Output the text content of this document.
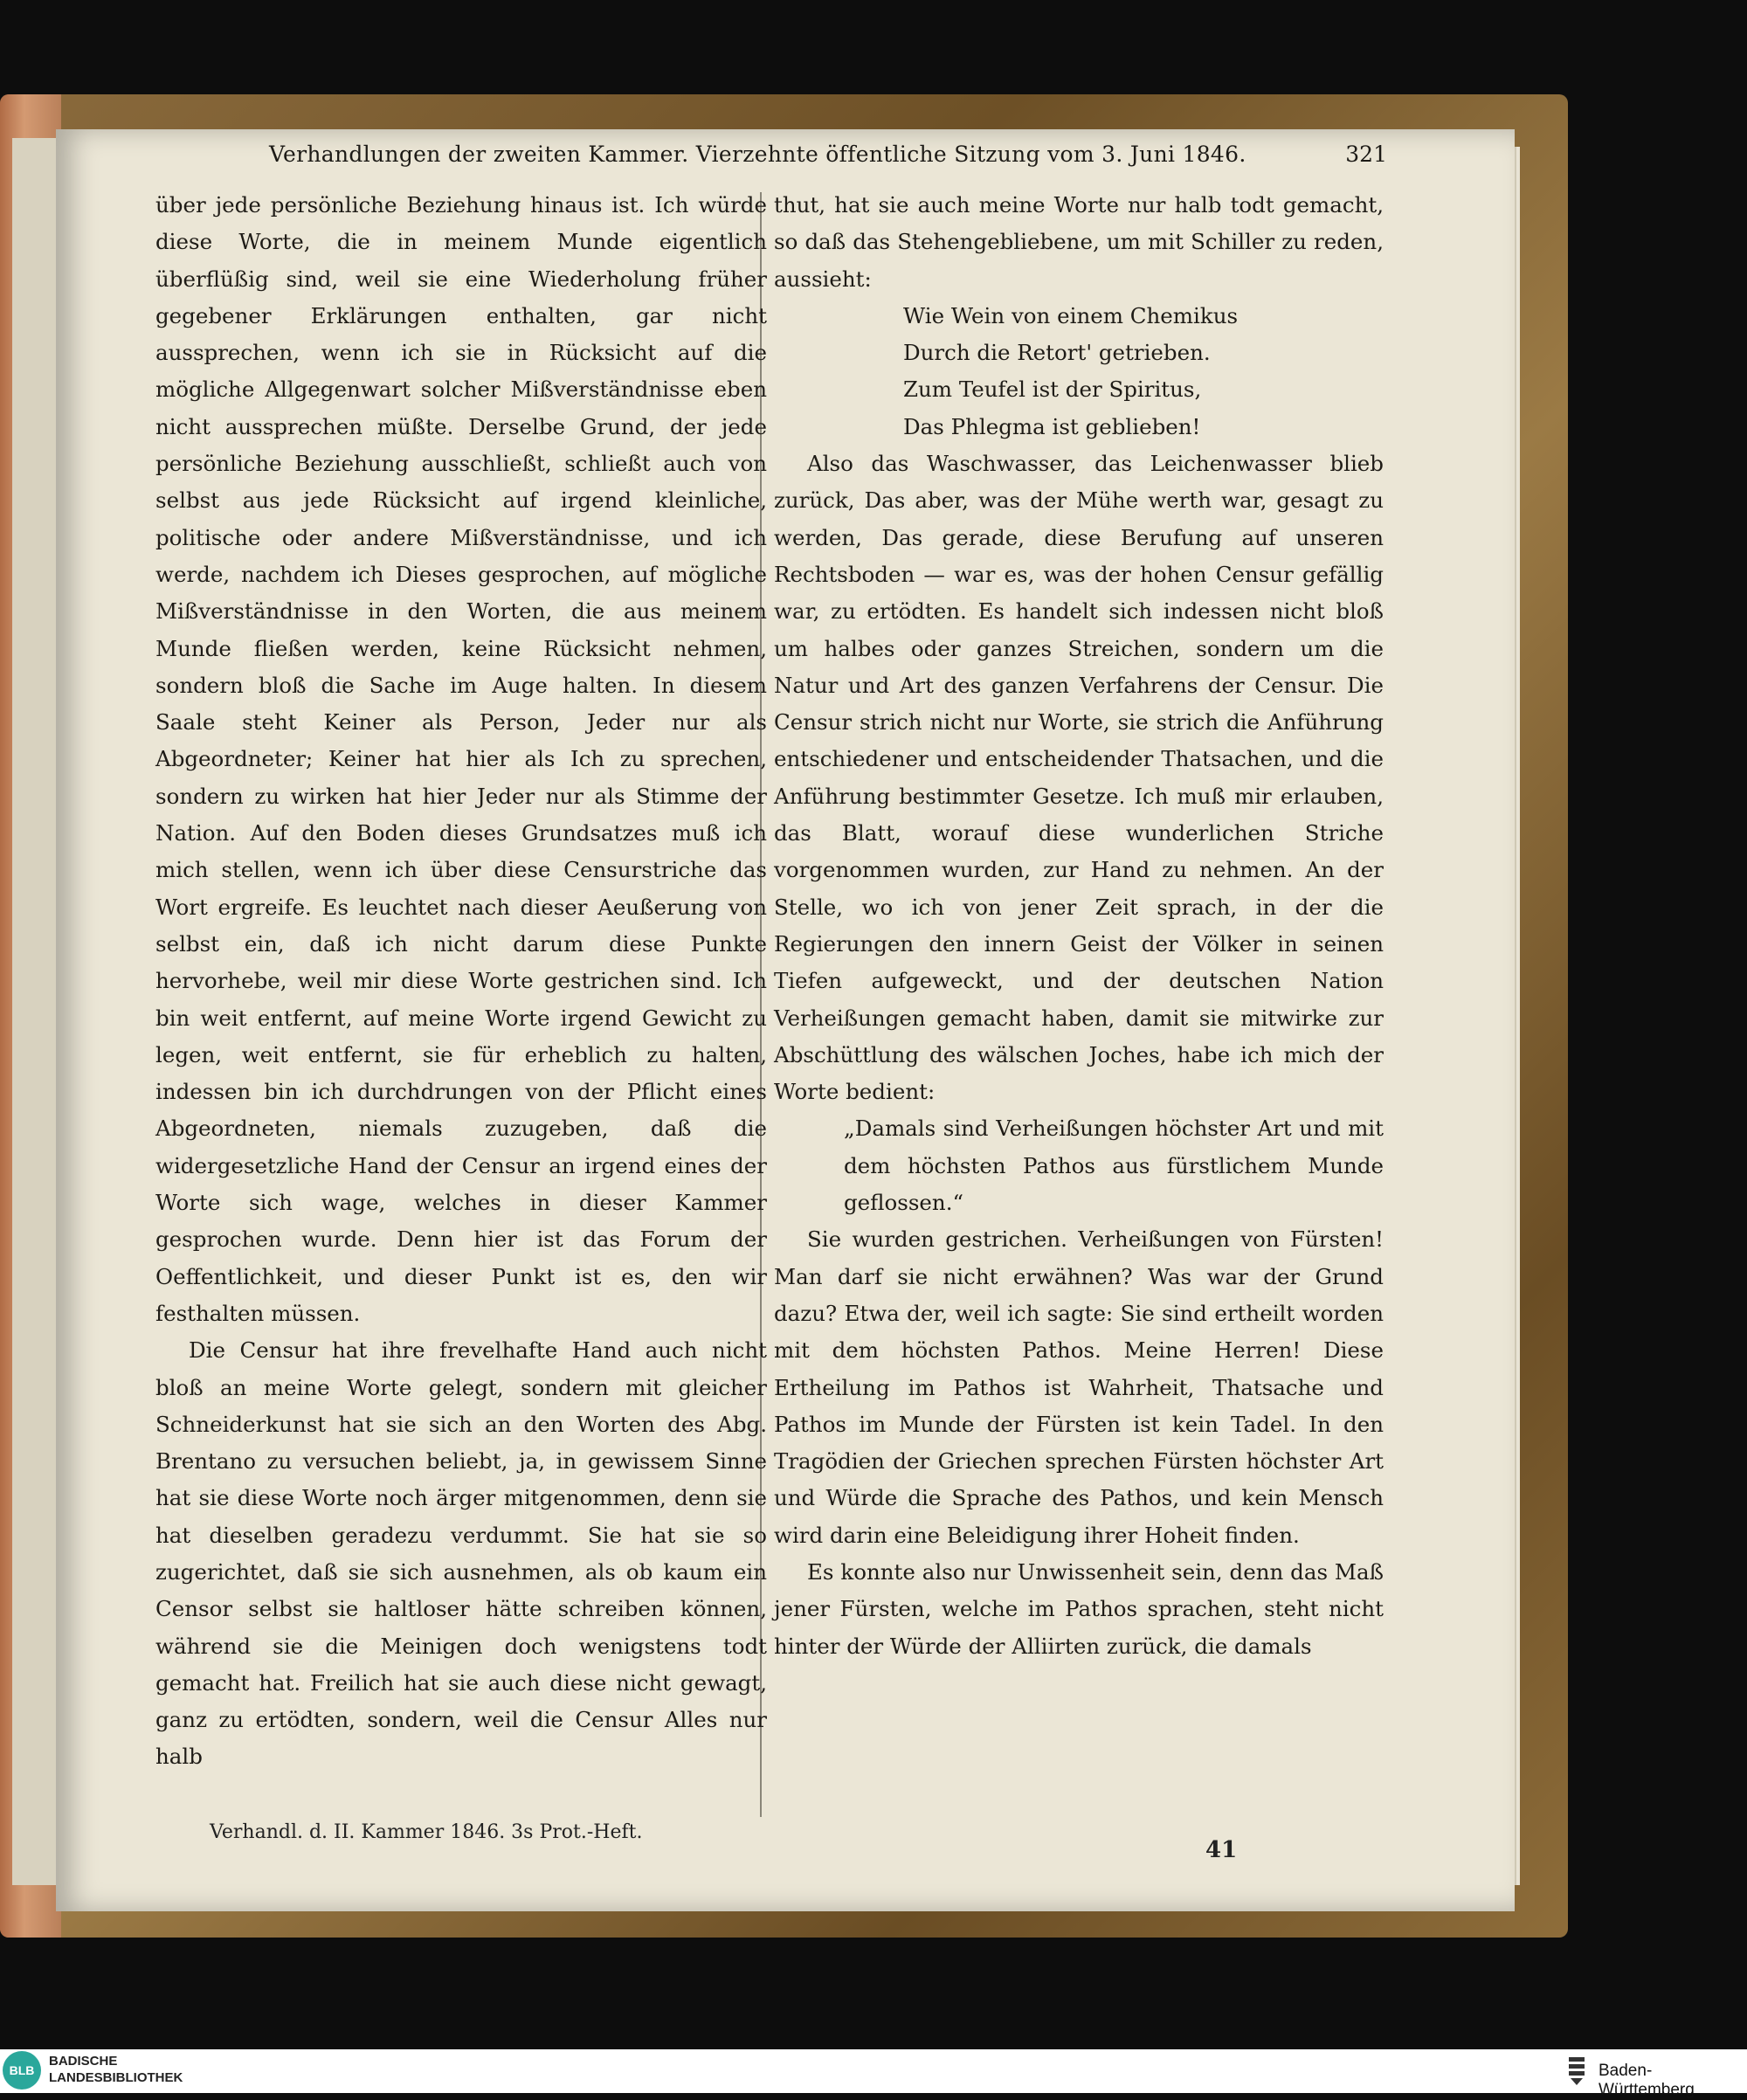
Verhandlungen der zweiten Kammer. Vierzehnte öffentliche Sitzung vom 3. Juni 1846.	321

über jede persönliche Beziehung hinaus ist. Ich würde diese Worte, die in meinem Munde eigentlich überflüßig sind, weil sie eine Wiederholung früher gegebener Erklärungen enthalten, gar nicht aussprechen, wenn ich sie in Rücksicht auf die mögliche Allgegenwart solcher Mißverständnisse eben nicht aussprechen müßte. Derselbe Grund, der jede persönliche Beziehung ausschließt, schließt auch von selbst aus jede Rücksicht auf irgend kleinliche, politische oder andere Mißverständnisse, und ich werde, nachdem ich Dieses gesprochen, auf mögliche Mißverständnisse in den Worten, die aus meinem Munde fließen werden, keine Rücksicht nehmen, sondern bloß die Sache im Auge halten. In diesem Saale steht Keiner als Person, Jeder nur als Abgeordneter; Keiner hat hier als Ich zu sprechen, sondern zu wirken hat hier Jeder nur als Stimme der Nation. Auf den Boden dieses Grundsatzes muß ich mich stellen, wenn ich über diese Censurstriche das Wort ergreife. Es leuchtet nach dieser Aeußerung von selbst ein, daß ich nicht darum diese Punkte hervorhebe, weil mir diese Worte gestrichen sind. Ich bin weit entfernt, auf meine Worte irgend Gewicht zu legen, weit entfernt, sie für erheblich zu halten, indessen bin ich durchdrungen von der Pflicht eines Abgeordneten, niemals zuzugeben, daß die widergesetzliche Hand der Censur an irgend eines der Worte sich wage, welches in dieser Kammer gesprochen wurde. Denn hier ist das Forum der Oeffentlichkeit, und dieser Punkt ist es, den wir festhalten müssen.

Die Censur hat ihre frevelhafte Hand auch nicht bloß an meine Worte gelegt, sondern mit gleicher Schneiderkunst hat sie sich an den Worten des Abg. Brentano zu versuchen beliebt, ja, in gewissem Sinne hat sie diese Worte noch ärger mitgenommen, denn sie hat dieselben geradezu verdummt. Sie hat sie so zugerichtet, daß sie sich ausnehmen, als ob kaum ein Censor selbst sie haltloser hätte schreiben können, während sie die Meinigen doch wenigstens todt gemacht hat. Freilich hat sie auch diese nicht gewagt, ganz zu ertödten, sondern, weil die Censur Alles nur halb

thut, hat sie auch meine Worte nur halb todt gemacht, so daß das Stehengebliebene, um mit Schiller zu reden, aussieht:

Wie Wein von einem Chemikus

Durch die Retort' getrieben.

Zum Teufel ist der Spiritus,

Das Phlegma ist geblieben!

Also das Waschwasser, das Leichenwasser blieb zurück, Das aber, was der Mühe werth war, gesagt zu werden, Das gerade, diese Berufung auf unseren Rechtsboden — war es, was der hohen Censur gefällig war, zu ertödten. Es handelt sich indessen nicht bloß um halbes oder ganzes Streichen, sondern um die Natur und Art des ganzen Verfahrens der Censur. Die Censur strich nicht nur Worte, sie strich die Anführung entschiedener und entscheidender Thatsachen, und die Anführung bestimmter Gesetze. Ich muß mir erlauben, das Blatt, worauf diese wunderlichen Striche vorgenommen wurden, zur Hand zu nehmen. An der Stelle, wo ich von jener Zeit sprach, in der die Regierungen den innern Geist der Völker in seinen Tiefen aufgeweckt, und der deutschen Nation Verheißungen gemacht haben, damit sie mitwirke zur Abschüttlung des wälschen Joches, habe ich mich der Worte bedient:

„Damals sind Verheißungen höchster Art und mit dem höchsten Pathos aus fürstlichem Munde geflossen.“

Sie wurden gestrichen. Verheißungen von Fürsten! Man darf sie nicht erwähnen? Was war der Grund dazu? Etwa der, weil ich sagte: Sie sind ertheilt worden mit dem höchsten Pathos. Meine Herren! Diese Ertheilung im Pathos ist Wahrheit, Thatsache und Pathos im Munde der Fürsten ist kein Tadel. In den Tragödien der Griechen sprechen Fürsten höchster Art und Würde die Sprache des Pathos, und kein Mensch wird darin eine Beleidigung ihrer Hoheit finden.

Es konnte also nur Unwissenheit sein, denn das Maß jener Fürsten, welche im Pathos sprachen, steht nicht hinter der Würde der Alliirten zurück, die damals

Verhandl. d. II. Kammer 1846. 3s Prot.-Heft.
41
BLB
BADISCHE
LANDESBIBLIOTHEK	Baden-Württemberg
